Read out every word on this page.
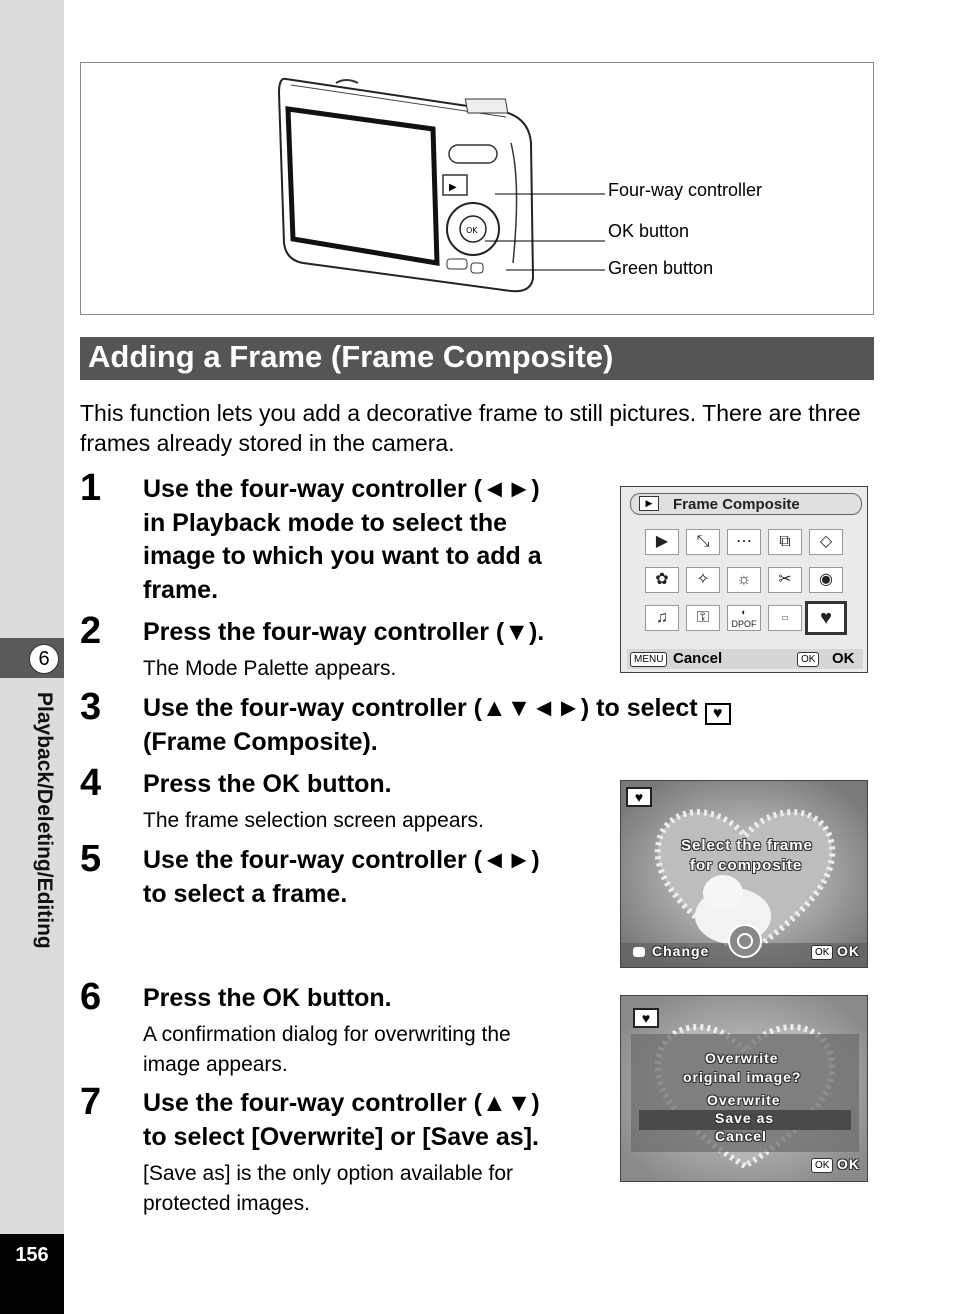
6
Playback/Deleting/Editing
156
▶
OK
Four-way controller
OK button
Green button
Adding a Frame (Frame Composite)
This function lets you add a decorative frame to still pictures. There are three frames already stored in the camera.
1 Use the four-way controller (◄►)
in Playback mode to select the
image to which you want to add a
frame.
2 Press the four-way controller (▼).
The Mode Palette appears.
3 Use the four-way controller (▲▼◄►) to select ♥
(Frame Composite).
4 Press the OK button.
The frame selection screen appears.
5 Use the four-way controller (◄►)
to select a frame.
6 Press the OK button.
A confirmation dialog for overwriting the
image appears.
7 Use the four-way controller (▲▼)
to select [Overwrite] or [Save as].
[Save as] is the only option available for
protected images.
▶	Frame Composite
▶	⤡	⋯	⧉	◇
✿	✧	☼	✂	◉
♫	⚿	◐
DPOF
▭	♥
MENU Cancel	OK OK
♥
Select the frame
for composite
Change	OK OK
♥
Overwrite
original image?
Overwrite
Save as
Cancel
OK OK
